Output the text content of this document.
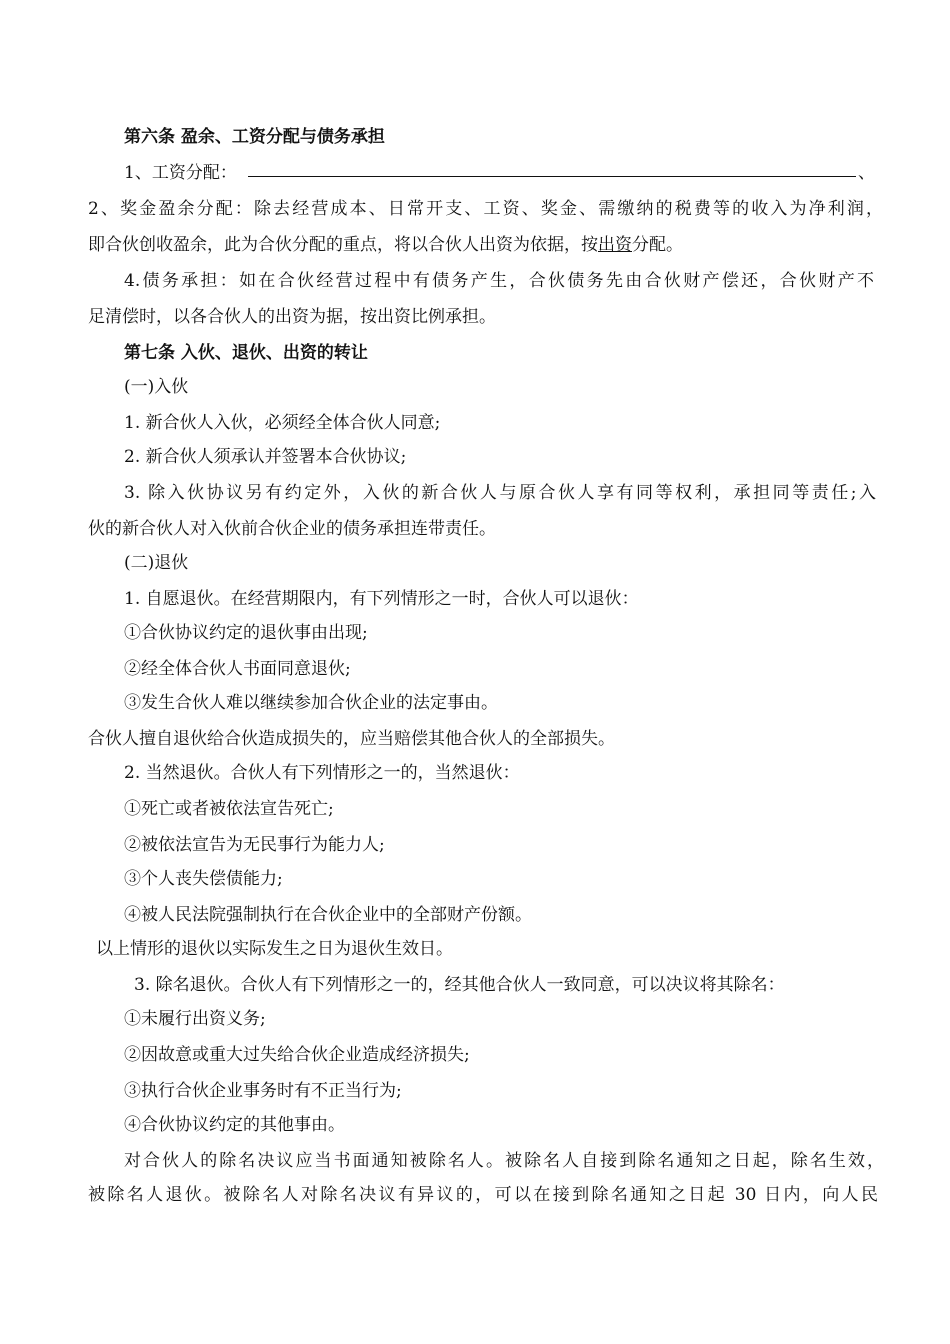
第六条 盈余、工资分配与债务承担
1、工资分配：	、
2、奖金盈余分配：除去经营成本、日常开支、工资、奖金、需缴纳的税费等的收入为净利润，
即合伙创收盈余，此为合伙分配的重点，将以合伙人出资为依据，按出资分配。
4.债务承担：如在合伙经营过程中有债务产生，合伙债务先由合伙财产偿还，合伙财产不
足清偿时，以各合伙人的出资为据，按出资比例承担。
第七条 入伙、退伙、出资的转让
(一)入伙
1. 新合伙人入伙，必须经全体合伙人同意;
2. 新合伙人须承认并签署本合伙协议;
3. 除入伙协议另有约定外，入伙的新合伙人与原合伙人享有同等权利，承担同等责任;入
伙的新合伙人对入伙前合伙企业的债务承担连带责任。
(二)退伙
1. 自愿退伙。在经营期限内，有下列情形之一时，合伙人可以退伙：
①合伙协议约定的退伙事由出现;
②经全体合伙人书面同意退伙;
③发生合伙人难以继续参加合伙企业的法定事由。
合伙人擅自退伙给合伙造成损失的，应当赔偿其他合伙人的全部损失。
2. 当然退伙。合伙人有下列情形之一的，当然退伙：
①死亡或者被依法宣告死亡;
②被依法宣告为无民事行为能力人;
③个人丧失偿债能力;
④被人民法院强制执行在合伙企业中的全部财产份额。
以上情形的退伙以实际发生之日为退伙生效日。
3. 除名退伙。合伙人有下列情形之一的，经其他合伙人一致同意，可以决议将其除名：
①未履行出资义务;
②因故意或重大过失给合伙企业造成经济损失;
③执行合伙企业事务时有不正当行为;
④合伙协议约定的其他事由。
对合伙人的除名决议应当书面通知被除名人。被除名人自接到除名通知之日起，除名生效，
被除名人退伙。被除名人对除名决议有异议的，可以在接到除名通知之日起 30 日内，向人民
